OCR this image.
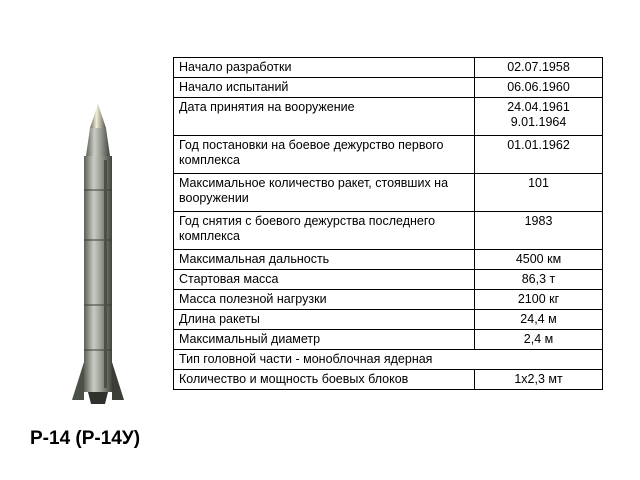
Р-14 (Р-14У)
Начало разработки	02.07.1958
Начало испытаний	06.06.1960
Дата принятия на вооружение	24.04.1961
9.01.1964
Год постановки на боевое дежурство первого комплекса	01.01.1962
Максимальное количество ракет, стоявших на вооружении	101
Год снятия с боевого дежурства последнего комплекса	1983
Максимальная дальность	4500 км
Стартовая масса	86,3 т
Масса полезной нагрузки	2100 кг
Длина ракеты	24,4 м
Максимальный диаметр	2,4 м
Тип головной части - моноблочная ядерная	
Количество и мощность боевых блоков	1х2,3 мт
